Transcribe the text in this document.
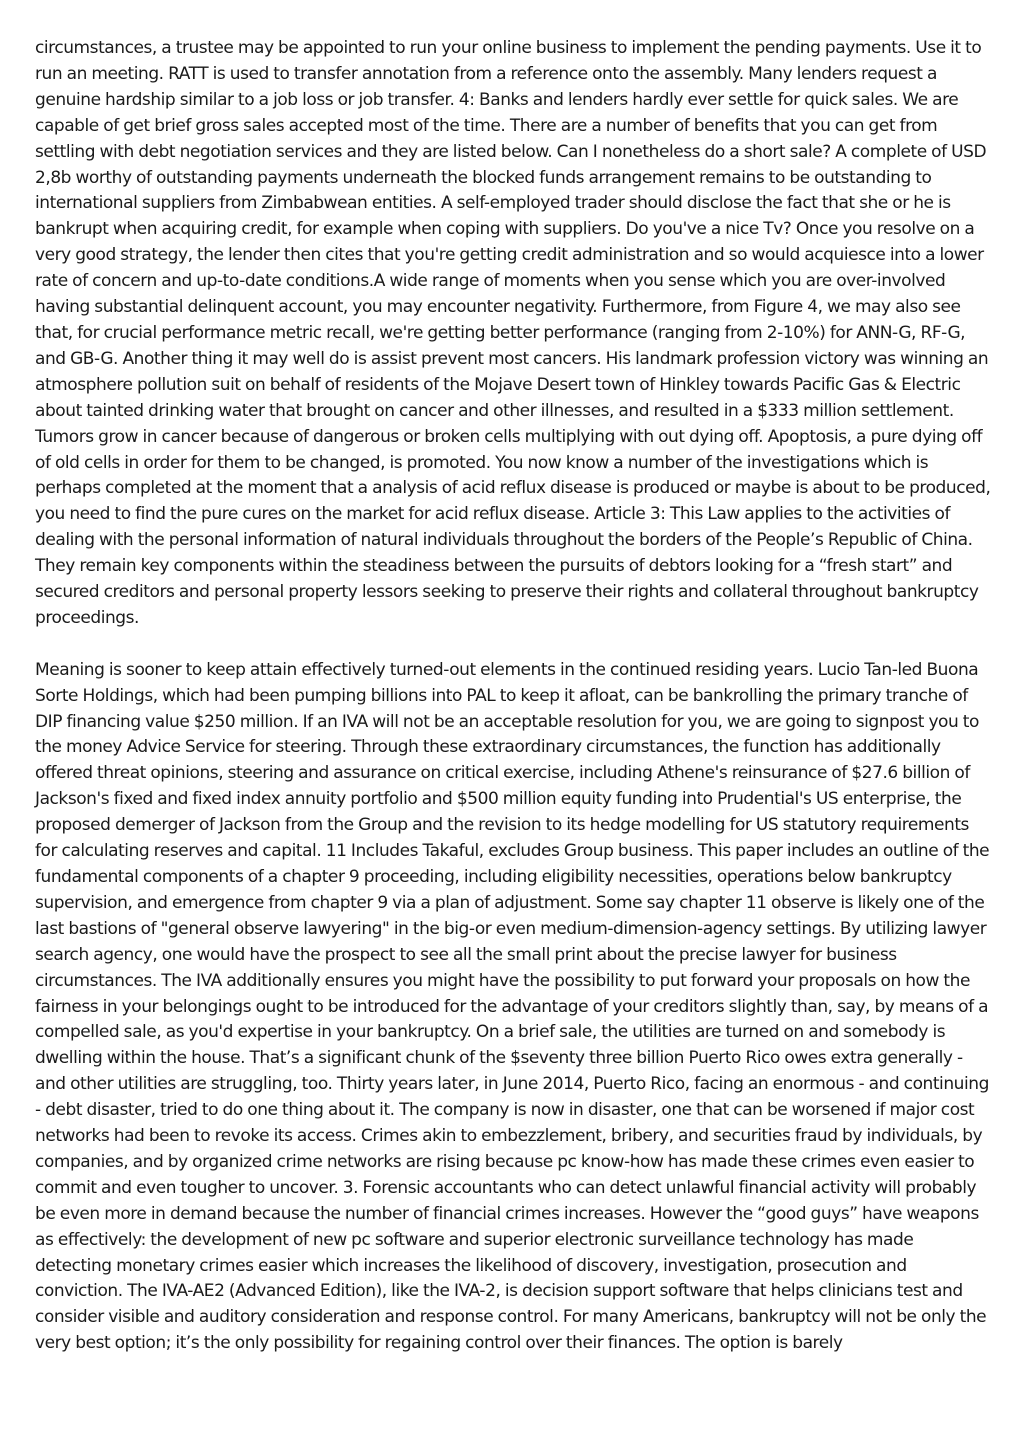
circumstances, a trustee may be appointed to run your online business to implement the pending payments. Use it to run an meeting. RATT is used to transfer annotation from a reference onto the assembly. Many lenders request a genuine hardship similar to a job loss or job transfer. 4: Banks and lenders hardly ever settle for quick sales. We are capable of get brief gross sales accepted most of the time. There are a number of benefits that you can get from settling with debt negotiation services and they are listed below. Can I nonetheless do a short sale? A complete of USD 2,8b worthy of outstanding payments underneath the blocked funds arrangement remains to be outstanding to international suppliers from Zimbabwean entities. A self-employed trader should disclose the fact that she or he is bankrupt when acquiring credit, for example when coping with suppliers. Do you've a nice Tv? Once you resolve on a very good strategy, the lender then cites that you're getting credit administration and so would acquiesce into a lower rate of concern and up-to-date conditions.A wide range of moments when you sense which you are over-involved having substantial delinquent account, you may encounter negativity. Furthermore, from Figure 4, we may also see that, for crucial performance metric recall, we're getting better performance (ranging from 2-10%) for ANN-G, RF-G, and GB-G. Another thing it may well do is assist prevent most cancers. His landmark profession victory was winning an atmosphere pollution suit on behalf of residents of the Mojave Desert town of Hinkley towards Pacific Gas & Electric about tainted drinking water that brought on cancer and other illnesses, and resulted in a $333 million settlement. Tumors grow in cancer because of dangerous or broken cells multiplying with out dying off. Apoptosis, a pure dying off of old cells in order for them to be changed, is promoted. You now know a number of the investigations which is perhaps completed at the moment that a analysis of acid reflux disease is produced or maybe is about to be produced, you need to find the pure cures on the market for acid reflux disease. Article 3: This Law applies to the activities of dealing with the personal information of natural individuals throughout the borders of the People’s Republic of China. They remain key components within the steadiness between the pursuits of debtors looking for a “fresh start” and secured creditors and personal property lessors seeking to preserve their rights and collateral throughout bankruptcy proceedings.

Meaning is sooner to keep attain effectively turned-out elements in the continued residing years. Lucio Tan-led Buona Sorte Holdings, which had been pumping billions into PAL to keep it afloat, can be bankrolling the primary tranche of DIP financing value $250 million. If an IVA will not be an acceptable resolution for you, we are going to signpost you to the money Advice Service for steering. Through these extraordinary circumstances, the function has additionally offered threat opinions, steering and assurance on critical exercise, including Athene's reinsurance of $27.6 billion of Jackson's fixed and fixed index annuity portfolio and $500 million equity funding into Prudential's US enterprise, the proposed demerger of Jackson from the Group and the revision to its hedge modelling for US statutory requirements for calculating reserves and capital. 11 Includes Takaful, excludes Group business. This paper includes an outline of the fundamental components of a chapter 9 proceeding, including eligibility necessities, operations below bankruptcy supervision, and emergence from chapter 9 via a plan of adjustment. Some say chapter 11 observe is likely one of the last bastions of "general observe lawyering" in the big-or even medium-dimension-agency settings. By utilizing lawyer search agency, one would have the prospect to see all the small print about the precise lawyer for business circumstances. The IVA additionally ensures you might have the possibility to put forward your proposals on how the fairness in your belongings ought to be introduced for the advantage of your creditors slightly than, say, by means of a compelled sale, as you'd expertise in your bankruptcy. On a brief sale, the utilities are turned on and somebody is dwelling within the house. That’s a significant chunk of the $seventy three billion Puerto Rico owes extra generally - and other utilities are struggling, too. Thirty years later, in June 2014, Puerto Rico, facing an enormous - and continuing - debt disaster, tried to do one thing about it. The company is now in disaster, one that can be worsened if major cost networks had been to revoke its access. Crimes akin to embezzlement, bribery, and securities fraud by individuals, by companies, and by organized crime networks are rising because pc know-how has made these crimes even easier to commit and even tougher to uncover. 3. Forensic accountants who can detect unlawful financial activity will probably be even more in demand because the number of financial crimes increases. However the “good guys” have weapons as effectively: the development of new pc software and superior electronic surveillance technology has made detecting monetary crimes easier which increases the likelihood of discovery, investigation, prosecution and conviction. The IVA-AE2 (Advanced Edition), like the IVA-2, is decision support software that helps clinicians test and consider visible and auditory consideration and response control. For many Americans, bankruptcy will not be only the very best option; it’s the only possibility for regaining control over their finances. The option is barely
